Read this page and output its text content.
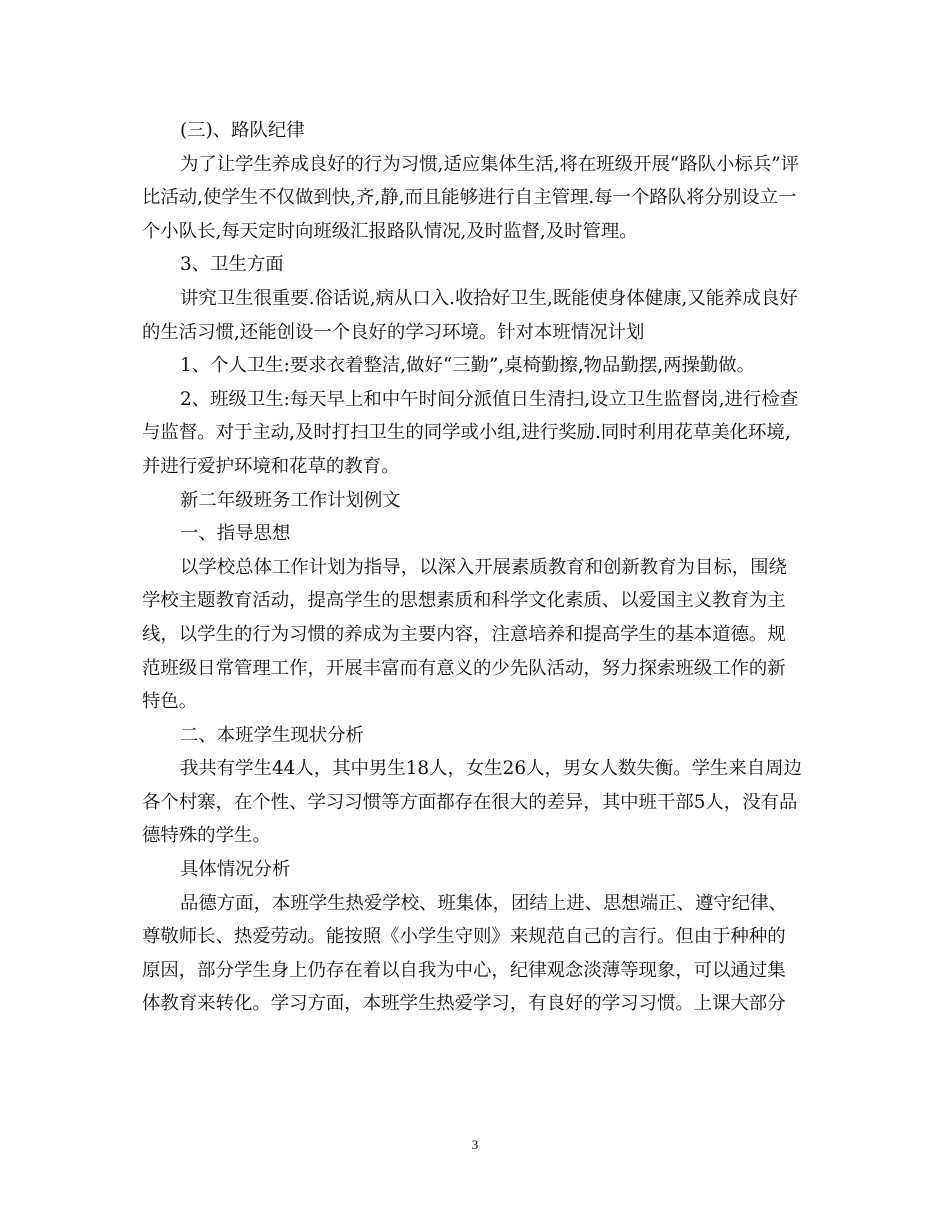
(三)、路队纪律

为了让学生养成良好的行为习惯,适应集体生活,将在班级开展“路队小标兵”评比活动,使学生不仅做到快,齐,静,而且能够进行自主管理.每一个路队将分别设立一个小队长,每天定时向班级汇报路队情况,及时监督,及时管理。

3、卫生方面

讲究卫生很重要.俗话说,病从口入.收拾好卫生,既能使身体健康,又能养成良好的生活习惯,还能创设一个良好的学习环境。针对本班情况计划

1、个人卫生:要求衣着整洁,做好“三勤”,桌椅勤擦,物品勤摆,两操勤做。

2、班级卫生:每天早上和中午时间分派值日生清扫,设立卫生监督岗,进行检查与监督。对于主动,及时打扫卫生的同学或小组,进行奖励.同时利用花草美化环境,并进行爱护环境和花草的教育。

新二年级班务工作计划例文

一、指导思想

以学校总体工作计划为指导，以深入开展素质教育和创新教育为目标，围绕学校主题教育活动，提高学生的思想素质和科学文化素质、以爱国主义教育为主线，以学生的行为习惯的养成为主要内容，注意培养和提高学生的基本道德。规范班级日常管理工作，开展丰富而有意义的少先队活动，努力探索班级工作的新特色。

二、本班学生现状分析

我共有学生44人，其中男生18人，女生26人，男女人数失衡。学生来自周边各个村寨，在个性、学习习惯等方面都存在很大的差异，其中班干部5人，没有品德特殊的学生。

具体情况分析

品德方面，本班学生热爱学校、班集体，团结上进、思想端正、遵守纪律、尊敬师长、热爱劳动。能按照《小学生守则》来规范自己的言行。但由于种种的原因，部分学生身上仍存在着以自我为中心，纪律观念淡薄等现象，可以通过集体教育来转化。学习方面，本班学生热爱学习，有良好的学习习惯。上课大部分

3
